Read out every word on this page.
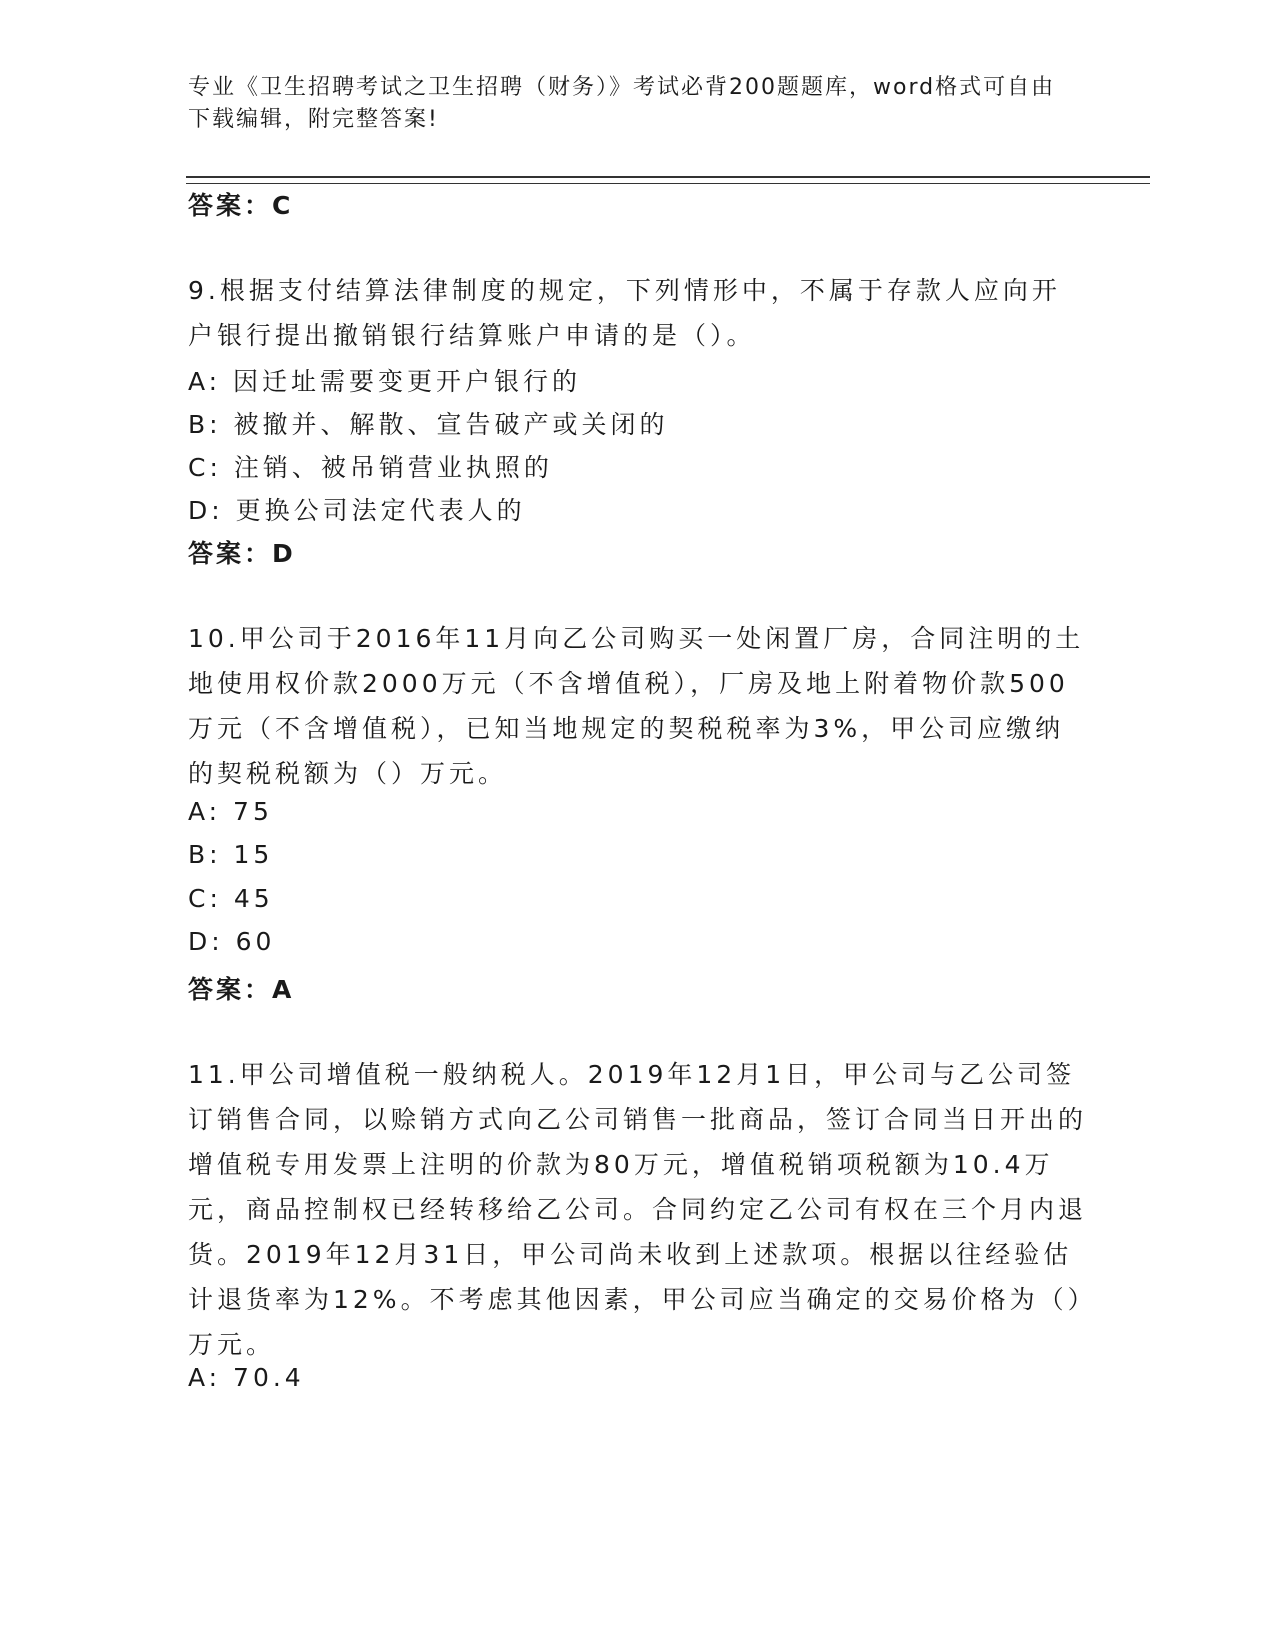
专业《卫生招聘考试之卫生招聘（财务）》考试必背200题题库，word格式可自由下载编辑，附完整答案!
答案：C
9.根据支付结算法律制度的规定，下列情形中，不属于存款人应向开户银行提出撤销银行结算账户申请的是（）。
A: 因迁址需要变更开户银行的
B: 被撤并、解散、宣告破产或关闭的
C: 注销、被吊销营业执照的
D: 更换公司法定代表人的
答案：D
10.甲公司于2016年11月向乙公司购买一处闲置厂房，合同注明的土地使用权价款2000万元（不含增值税），厂房及地上附着物价款500万元（不含增值税），已知当地规定的契税税率为3%，甲公司应缴纳的契税税额为（）万元。
A: 75
B: 15
C: 45
D: 60
答案：A
11.甲公司增值税一般纳税人。2019年12月1日，甲公司与乙公司签订销售合同，以赊销方式向乙公司销售一批商品，签订合同当日开出的增值税专用发票上注明的价款为80万元，增值税销项税额为10.4万元，商品控制权已经转移给乙公司。合同约定乙公司有权在三个月内退货。2019年12月31日，甲公司尚未收到上述款项。根据以往经验估计退货率为12%。不考虑其他因素，甲公司应当确定的交易价格为（）万元。
A: 70.4
